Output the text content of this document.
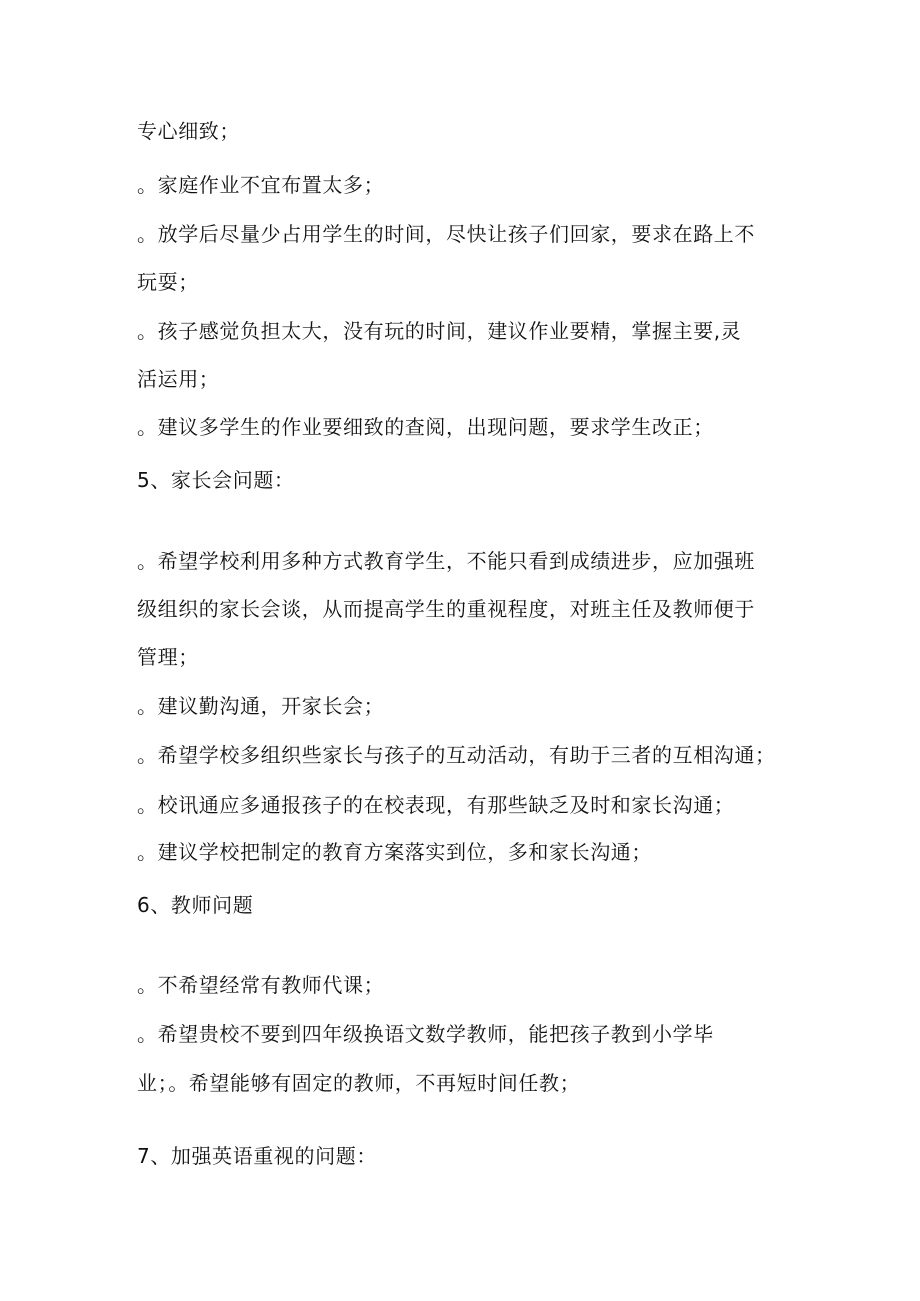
专心细致；
。家庭作业不宜布置太多；
。放学后尽量少占用学生的时间，尽快让孩子们回家，要求在路上不
玩耍；
。孩子感觉负担太大，没有玩的时间，建议作业要精，掌握主要,灵
活运用；
。建议多学生的作业要细致的查阅，出现问题，要求学生改正；
5、家长会问题：
。希望学校利用多种方式教育学生，不能只看到成绩进步，应加强班
级组织的家长会谈，从而提高学生的重视程度，对班主任及教师便于
管理；
。建议勤沟通，开家长会；
。希望学校多组织些家长与孩子的互动活动，有助于三者的互相沟通；
。校讯通应多通报孩子的在校表现，有那些缺乏及时和家长沟通；
。建议学校把制定的教育方案落实到位，多和家长沟通；
6、教师问题
。不希望经常有教师代课；
。希望贵校不要到四年级换语文数学教师，能把孩子教到小学毕
业；。希望能够有固定的教师，不再短时间任教；
7、加强英语重视的问题：
